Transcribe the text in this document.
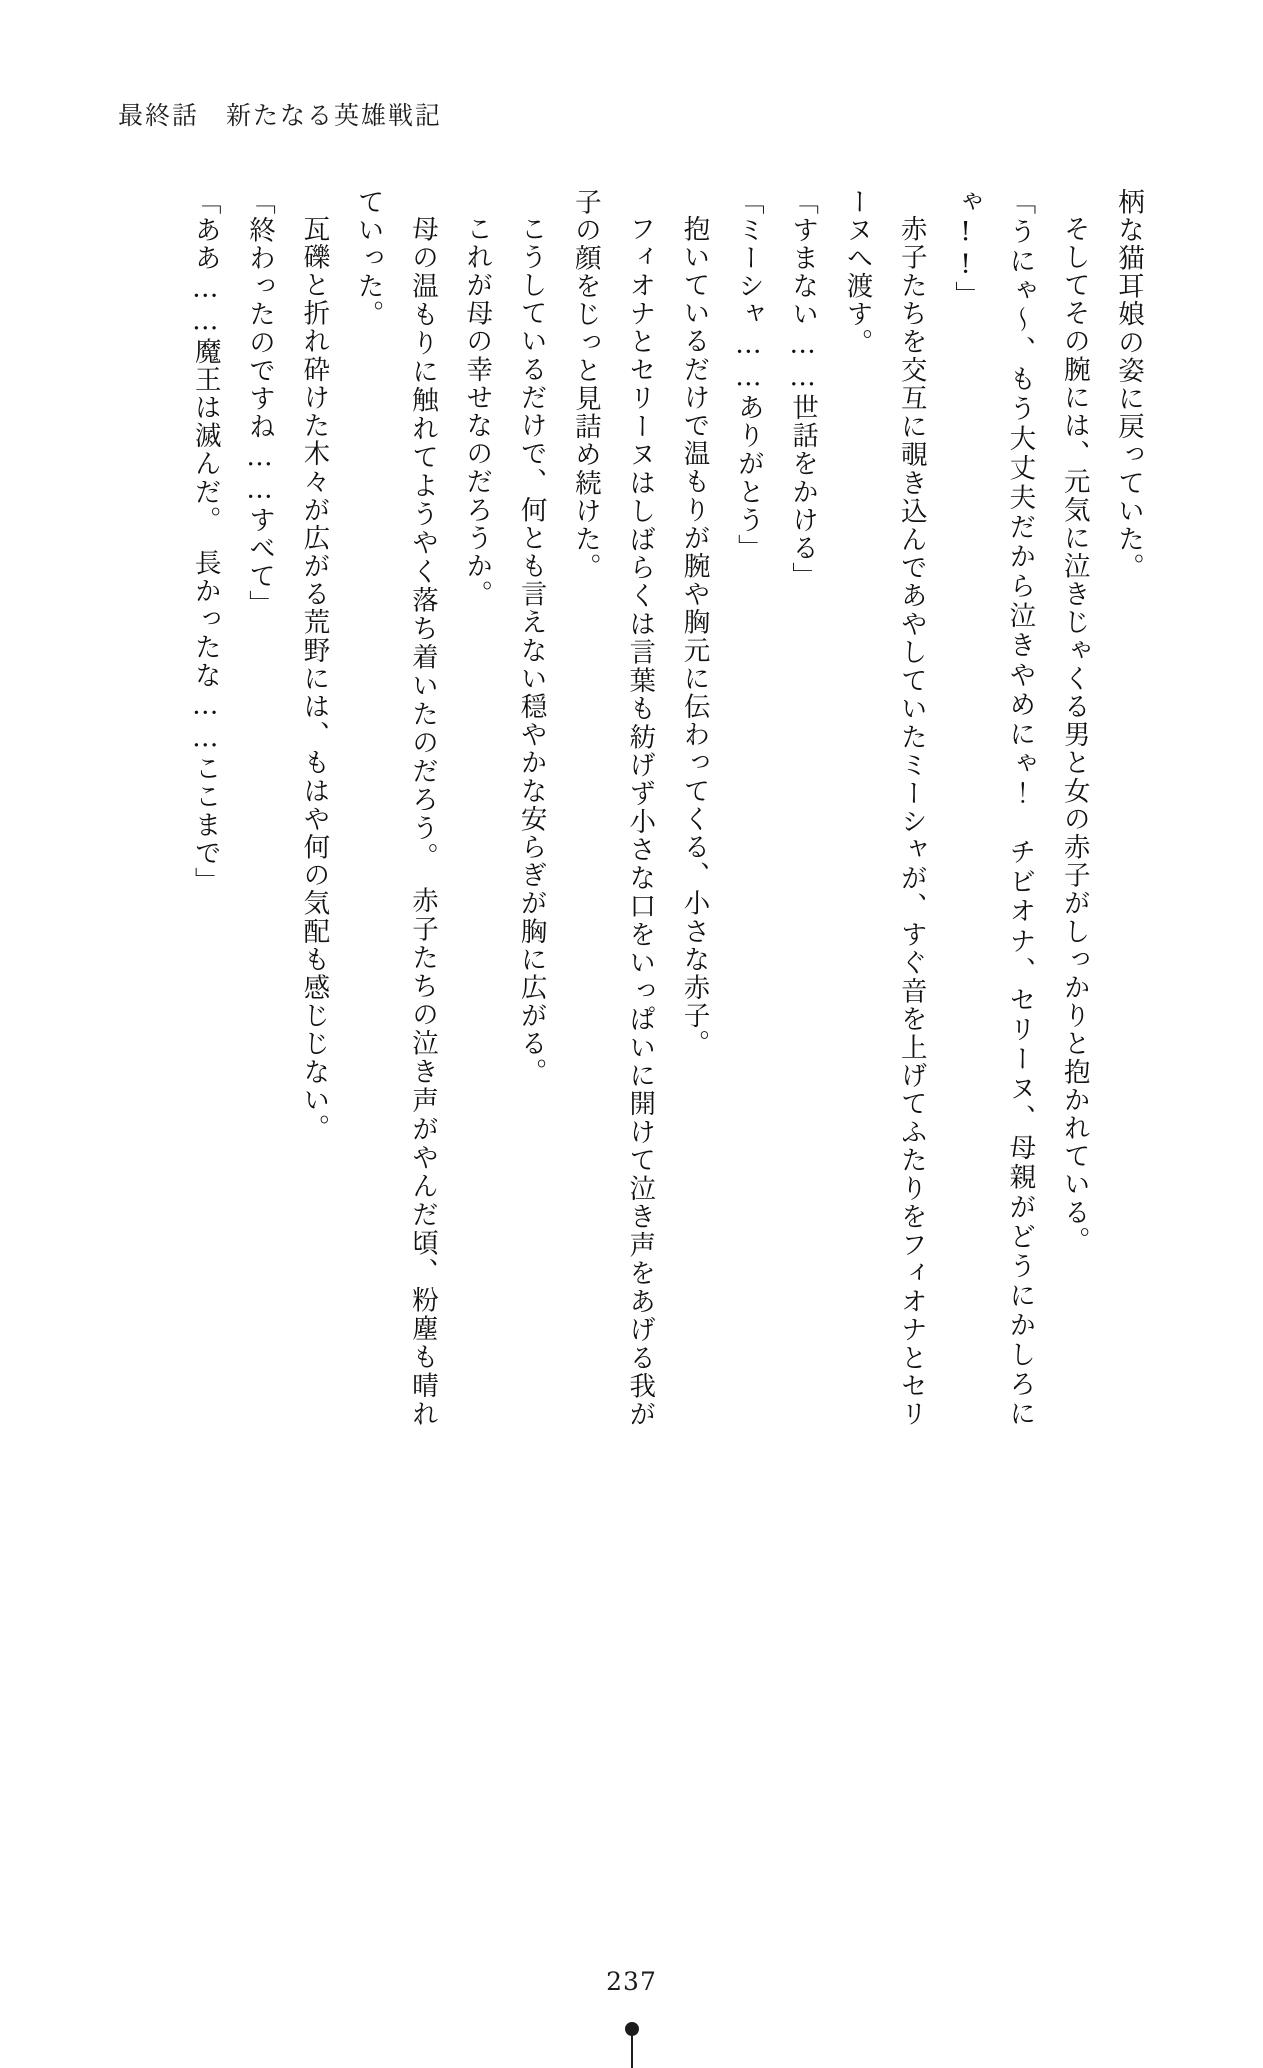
最終話　新たなる英雄戦記

柄な猫耳娘の姿に戻っていた。

そしてその腕には、元気に泣きじゃくる男と女の赤子がしっかりと抱かれている。

「うにゃ～、もう大丈夫だから泣きやめにゃ！　チビオナ、セリーヌ、母親がどうにかしろにゃ!!」

赤子たちを交互に覗き込んであやしていたミーシャが、すぐ音を上げてふたりをフィオナとセリーヌへ渡す。

「すまない……世話をかける」

「ミーシャ……ありがとう」

抱いているだけで温もりが腕や胸元に伝わってくる、小さな赤子。

フィオナとセリーヌはしばらくは言葉も紡げず小さな口をいっぱいに開けて泣き声をあげる我が子の顔をじっと見詰め続けた。

こうしているだけで、何とも言えない穏やかな安らぎが胸に広がる。

これが母の幸せなのだろうか。

母の温もりに触れてようやく落ち着いたのだろう。　赤子たちの泣き声がやんだ頃、粉塵も晴れていった。

瓦礫と折れ砕けた木々が広がる荒野には、もはや何の気配も感じじない。

「終わったのですね……すべて」

「ああ……魔王は滅んだ。　長かったな……ここまで」

237
